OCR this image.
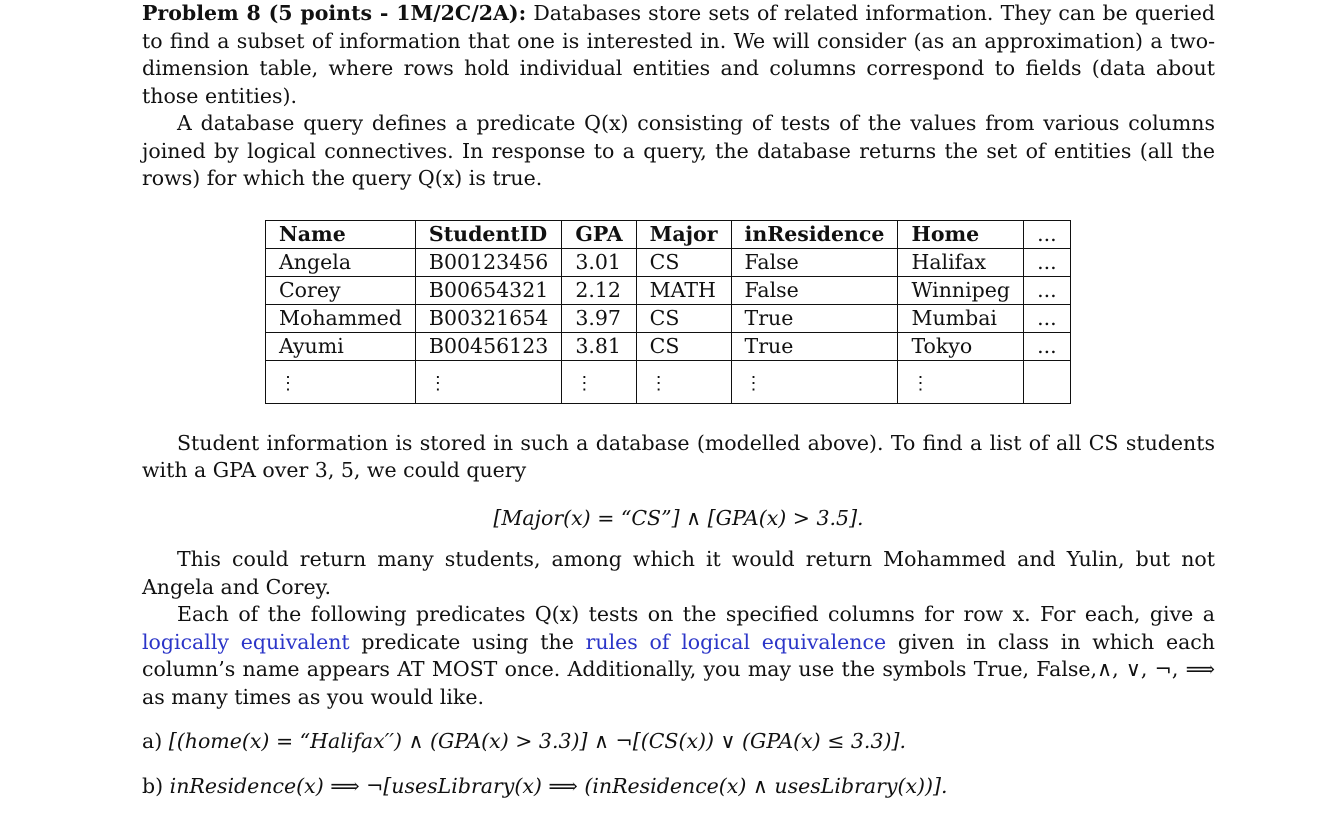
Problem 8 (5 points - 1M/2C/2A): Databases store sets of related information. They can be queried to find a subset of information that one is interested in. We will consider (as an approximation) a two-dimension table, where rows hold individual entities and columns correspond to fields (data about those entities).

A database query defines a predicate Q(x) consisting of tests of the values from various columns joined by logical connectives. In response to a query, the database returns the set of entities (all the rows) for which the query Q(x) is true.

Name	StudentID	GPA	Major	inResidence	Home	...
Angela	B00123456	3.01	CS	False	Halifax	...
Corey	B00654321	2.12	MATH	False	Winnipeg	...
Mohammed	B00321654	3.97	CS	True	Mumbai	...
Ayumi	B00456123	3.81	CS	True	Tokyo	...
⋮	⋮	⋮	⋮	⋮	⋮	

Student information is stored in such a database (modelled above). To find a list of all CS students with a GPA over 3, 5, we could query

[Major(x) = “CS”] ∧ [GPA(x) > 3.5].

This could return many students, among which it would return Mohammed and Yulin, but not Angela and Corey.

Each of the following predicates Q(x) tests on the specified columns for row x. For each, give a logically equivalent predicate using the rules of logical equivalence given in class in which each column’s name appears AT MOST once. Additionally, you may use the symbols True, False,∧, ∨, ¬, ⟹ as many times as you would like.

a) [(home(x) = “Halifax′′) ∧ (GPA(x) > 3.3)] ∧ ¬[(CS(x)) ∨ (GPA(x) ≤ 3.3)].

b) inResidence(x) ⟹ ¬[usesLibrary(x) ⟹ (inResidence(x) ∧ usesLibrary(x))].
